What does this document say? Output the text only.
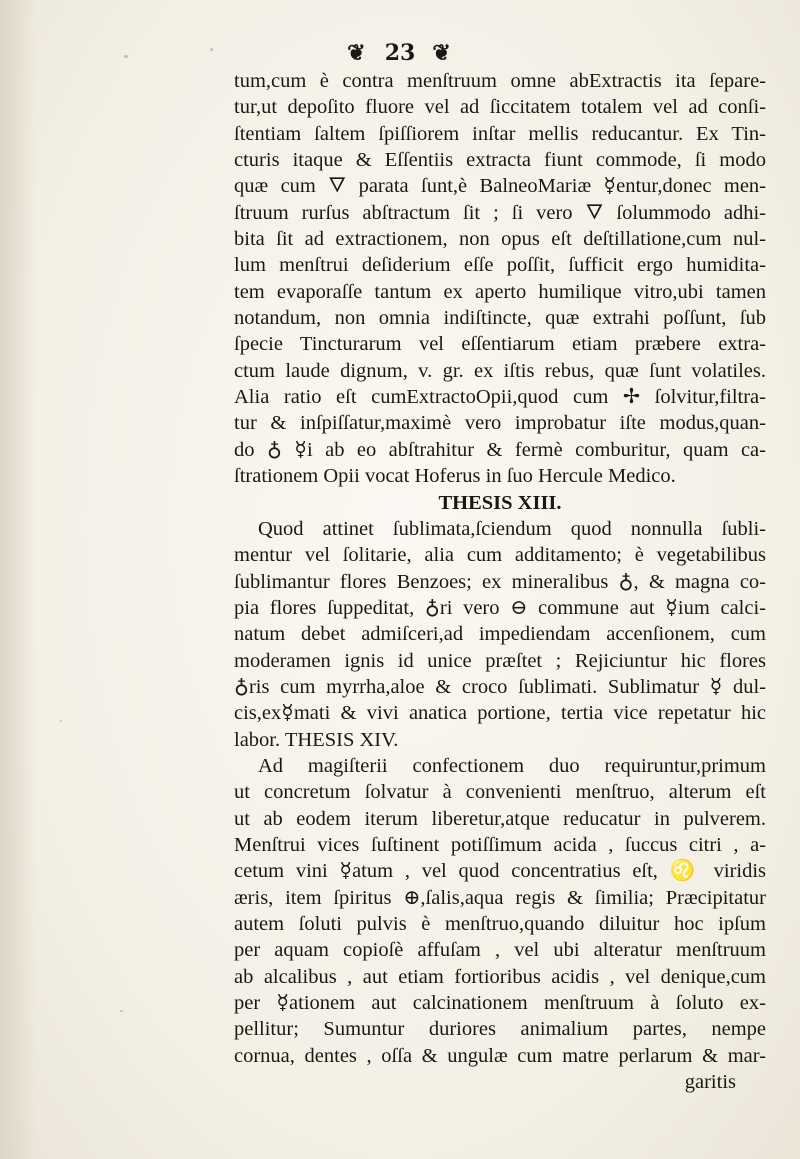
❦ 23 ❦
tum,cum è contra menſtruum omne abExtractis ita ſepare-
tur,ut depoſito fluore vel ad ſiccitatem totalem vel ad conſi-
ſtentiam ſaltem ſpiſſiorem inſtar mellis reducantur. Ex Tin-
cturis itaque & Eſſentiis extracta fiunt commode, ſi modo
quæ cum 🜄 parata ſunt,è BalneoMariæ ☿entur,donec men-
ſtruum rurſus abſtractum ſit ; ſi vero 🜄 ſolummodo adhi-
bita ſit ad extractionem, non opus eſt deſtillatione,cum nul-
lum menſtrui deſiderium eſſe poſſit, ſufficit ergo humidita-
tem evaporaſſe tantum ex aperto humilique vitro,ubi tamen
notandum, non omnia indiſtincte, quæ extrahi poſſunt, ſub
ſpecie Tincturarum vel eſſentiarum etiam præbere extra-
ctum laude dignum, v. gr. ex iſtis rebus, quæ ſunt volatiles.
Alia ratio eſt cumExtractoOpii,quod cum ✢ ſolvitur,filtra-
tur & inſpiſſatur,maximè vero improbatur iſte modus,quan-
do ♁ ☿i ab eo abſtrahitur & fermè comburitur, quam ca-
ſtrationem Opii vocat Hoferus in ſuo Hercule Medico.
THESIS XIII.
Quod attinet ſublimata,ſciendum quod nonnulla ſubli-
mentur vel ſolitarie, alia cum additamento; è vegetabilibus
ſublimantur flores Benzoes; ex mineralibus ♁, & magna co-
pia flores ſuppeditat, ♁ri vero ⊖ commune aut ☿ium calci-
natum debet admiſceri,ad impediendam accenſionem, cum
moderamen ignis id unice præſtet ; Rejiciuntur hic flores
♁ris cum myrrha,aloe & croco ſublimati. Sublimatur ☿ dul-
cis,ex☿mati & vivi anatica portione, tertia vice repetatur hic
labor. THESIS XIV.
Ad magiſterii confectionem duo requiruntur,primum
ut concretum ſolvatur à convenienti menſtruo, alterum eſt
ut ab eodem iterum liberetur,atque reducatur in pulverem.
Menſtrui vices ſuſtinent potiſſimum acida , ſuccus citri , a-
cetum vini ☿atum , vel quod concentratius eſt, ♌ viridis
æris, item ſpiritus ⊕,ſalis,aqua regis & ſimilia; Præcipitatur
autem ſoluti pulvis è menſtruo,quando diluitur hoc ipſum
per aquam copioſè affuſam , vel ubi alteratur menſtruum
ab alcalibus , aut etiam fortioribus acidis , vel denique,cum
per ☿ationem aut calcinationem menſtruum à ſoluto ex-
pellitur; Sumuntur duriores animalium partes, nempe
cornua, dentes , oſſa & ungulæ cum matre perlarum & mar-
garitis
